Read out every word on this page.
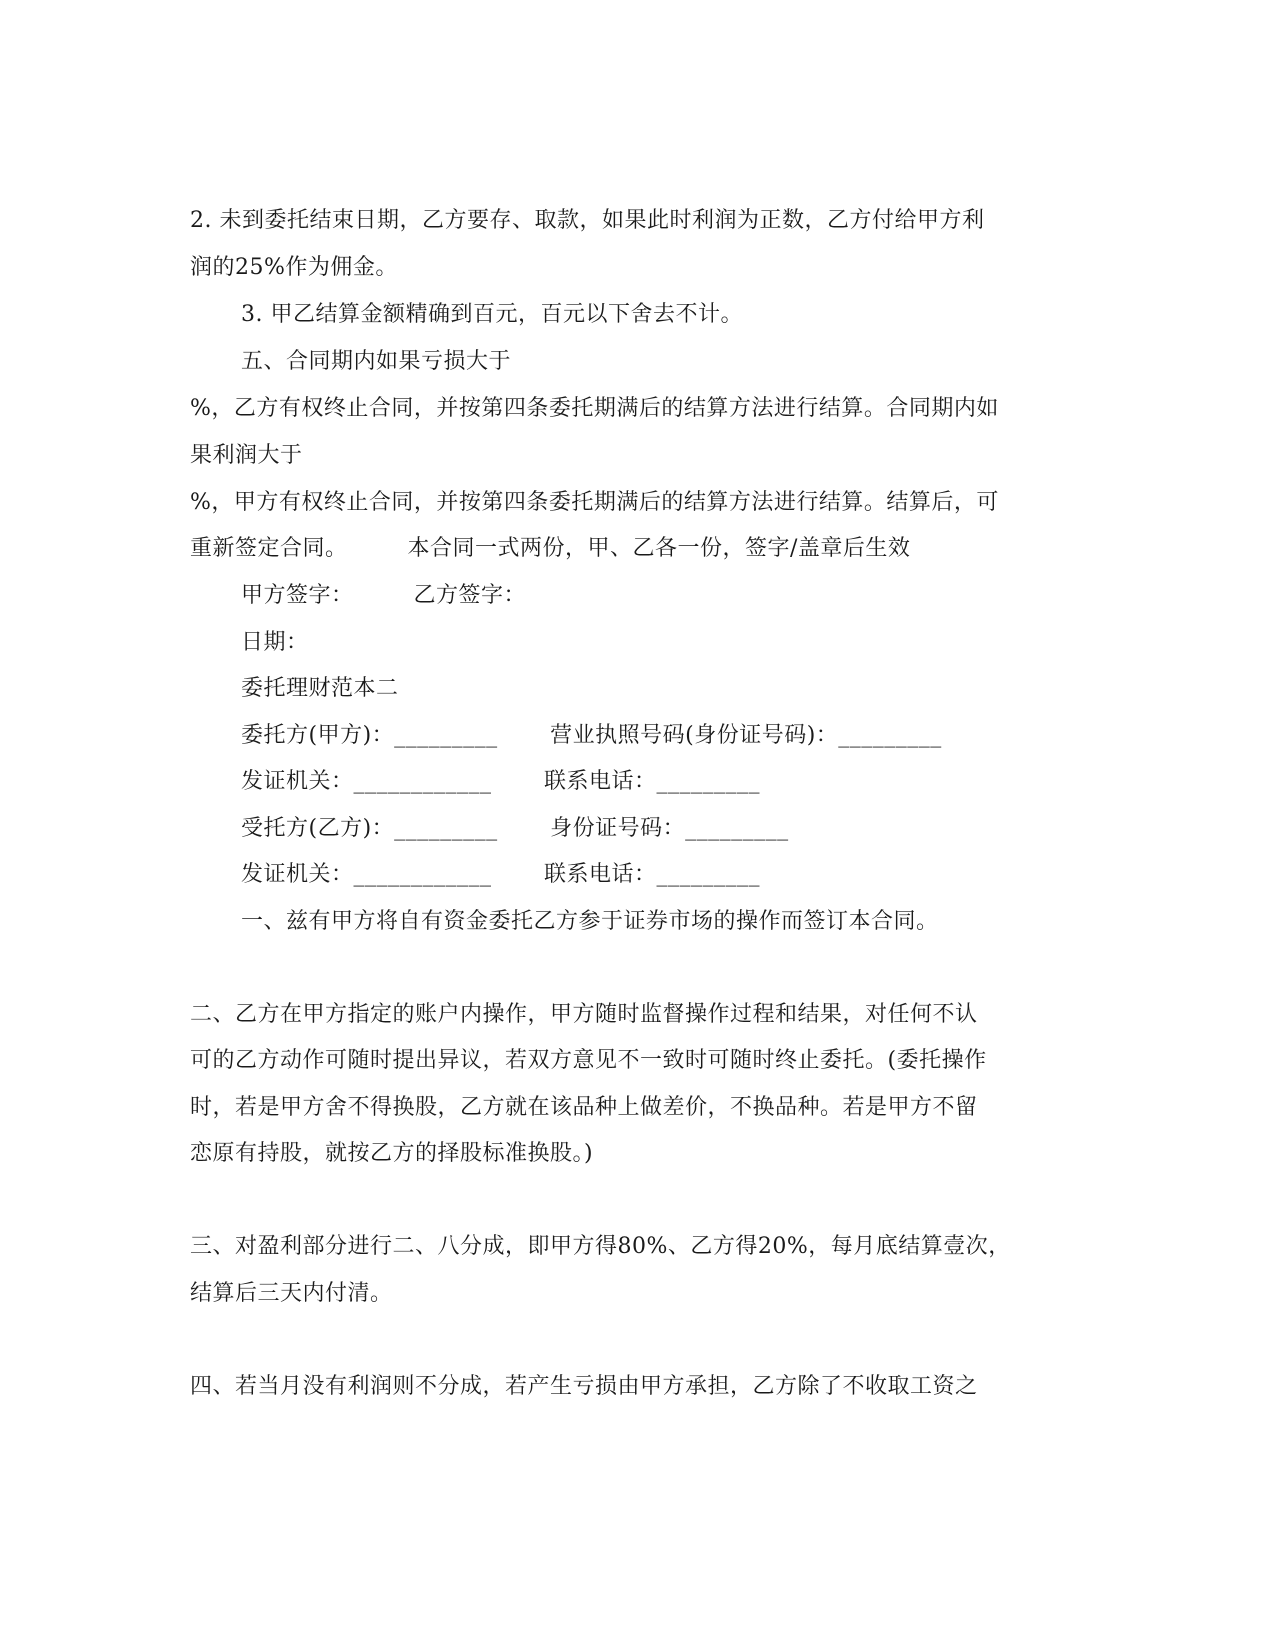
2. 未到委托结束日期，乙方要存、取款，如果此时利润为正数，乙方付给甲方利
润的25%作为佣金。
3. 甲乙结算金额精确到百元，百元以下舍去不计。
五、合同期内如果亏损大于
%，乙方有权终止合同，并按第四条委托期满后的结算方法进行结算。合同期内如
果利润大于
%，甲方有权终止合同，并按第四条委托期满后的结算方法进行结算。结算后，可
重新签定合同。        本合同一式两份，甲、乙各一份，签字/盖章后生效
甲方签字：        乙方签字：
日期：
委托理财范本二
委托方(甲方)：_________       营业执照号码(身份证号码)：_________
发证机关：____________       联系电话：_________
受托方(乙方)：_________       身份证号码：_________
发证机关：____________       联系电话：_________
一、兹有甲方将自有资金委托乙方参于证券市场的操作而签订本合同。
二、乙方在甲方指定的账户内操作，甲方随时监督操作过程和结果，对任何不认
可的乙方动作可随时提出异议，若双方意见不一致时可随时终止委托。(委托操作
时，若是甲方舍不得换股，乙方就在该品种上做差价，不换品种。若是甲方不留
恋原有持股，就按乙方的择股标准换股。)
三、对盈利部分进行二、八分成，即甲方得80%、乙方得20%，每月底结算壹次，
结算后三天内付清。
四、若当月没有利润则不分成，若产生亏损由甲方承担，乙方除了不收取工资之
